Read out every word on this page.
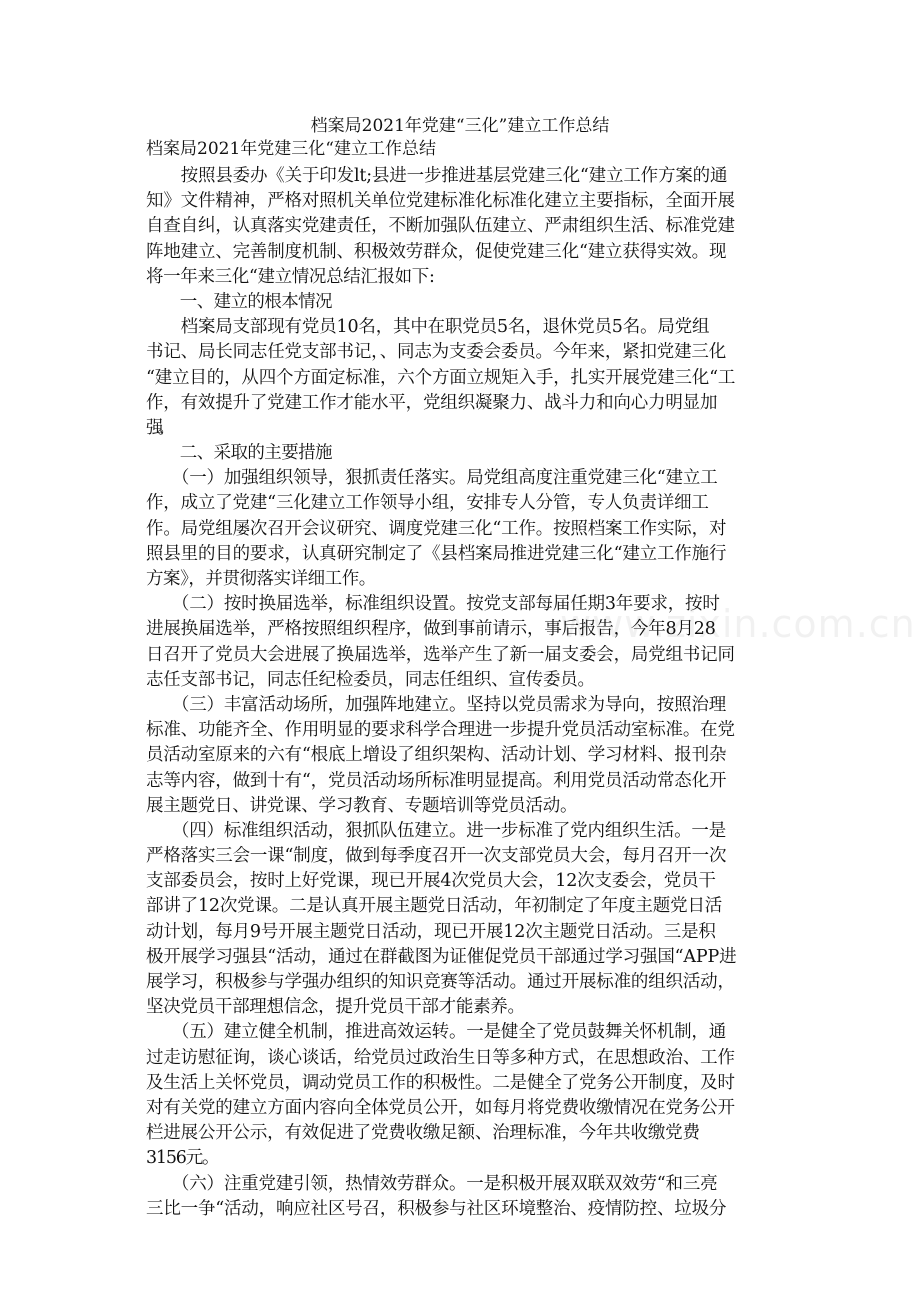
档案局2021年党建“三化”建立工作总结
档案局2021年党建三化“建立工作总结
　　按照县委办《关于印发lt;县进一步推进基层党建三化“建立工作方案的通
知》文件精神，严格对照机关单位党建标准化标准化建立主要指标，全面开展
自查自纠，认真落实党建责任，不断加强队伍建立、严肃组织生活、标准党建
阵地建立、完善制度机制、积极效劳群众，促使党建三化“建立获得实效。现
将一年来三化“建立情况总结汇报如下:
　　一、建立的根本情况
　　档案局支部现有党员10名，其中在职党员5名，退休党员5名。局党组
书记、局长同志任党支部书记，、同志为支委会委员。今年来，紧扣党建三化
“建立目的，从四个方面定标准，六个方面立规矩入手，扎实开展党建三化“工
作，有效提升了党建工作才能水平，党组织凝聚力、战斗力和向心力明显加
强。
　　二、采取的主要措施
　　（一）加强组织领导，狠抓责任落实。局党组高度注重党建三化“建立工
作，成立了党建“三化建立工作领导小组，安排专人分管，专人负责详细工
作。局党组屡次召开会议研究、调度党建三化“工作。按照档案工作实际，对
照县里的目的要求，认真研究制定了《县档案局推进党建三化“建立工作施行
方案》，并贯彻落实详细工作。
　　（二）按时换届选举，标准组织设置。按党支部每届任期3年要求，按时
进展换届选举，严格按照组织程序，做到事前请示，事后报告，今年8月28
日召开了党员大会进展了换届选举，选举产生了新一届支委会，局党组书记同
志任支部书记，同志任纪检委员，同志任组织、宣传委员。
　　（三）丰富活动场所，加强阵地建立。坚持以党员需求为导向，按照治理
标准、功能齐全、作用明显的要求科学合理进一步提升党员活动室标准。在党
员活动室原来的六有“根底上增设了组织架构、活动计划、学习材料、报刊杂
志等内容，做到十有“，党员活动场所标准明显提高。利用党员活动常态化开
展主题党日、讲党课、学习教育、专题培训等党员活动。
　　（四）标准组织活动，狠抓队伍建立。进一步标准了党内组织生活。一是
严格落实三会一课“制度，做到每季度召开一次支部党员大会，每月召开一次
支部委员会，按时上好党课，现已开展4次党员大会，12次支委会，党员干
部讲了12次党课。二是认真开展主题党日活动，年初制定了年度主题党日活
动计划，每月9号开展主题党日活动，现已开展12次主题党日活动。三是积
极开展学习强县“活动，通过在群截图为证催促党员干部通过学习强国“APP进
展学习，积极参与学强办组织的知识竞赛等活动。通过开展标准的组织活动，
坚决党员干部理想信念，提升党员干部才能素养。
　　（五）建立健全机制，推进高效运转。一是健全了党员鼓舞关怀机制，通
过走访慰征询，谈心谈话，给党员过政治生日等多种方式，在思想政治、工作
及生活上关怀党员，调动党员工作的积极性。二是健全了党务公开制度，及时
对有关党的建立方面内容向全体党员公开，如每月将党费收缴情况在党务公开
栏进展公开公示，有效促进了党费收缴足额、治理标准，今年共收缴党费
3156元。
　　（六）注重党建引领，热情效劳群众。一是积极开展双联双效劳“和三亮
三比一争“活动，响应社区号召，积极参与社区环境整治、疫情防控、垃圾分
www.zixin.com.cn
